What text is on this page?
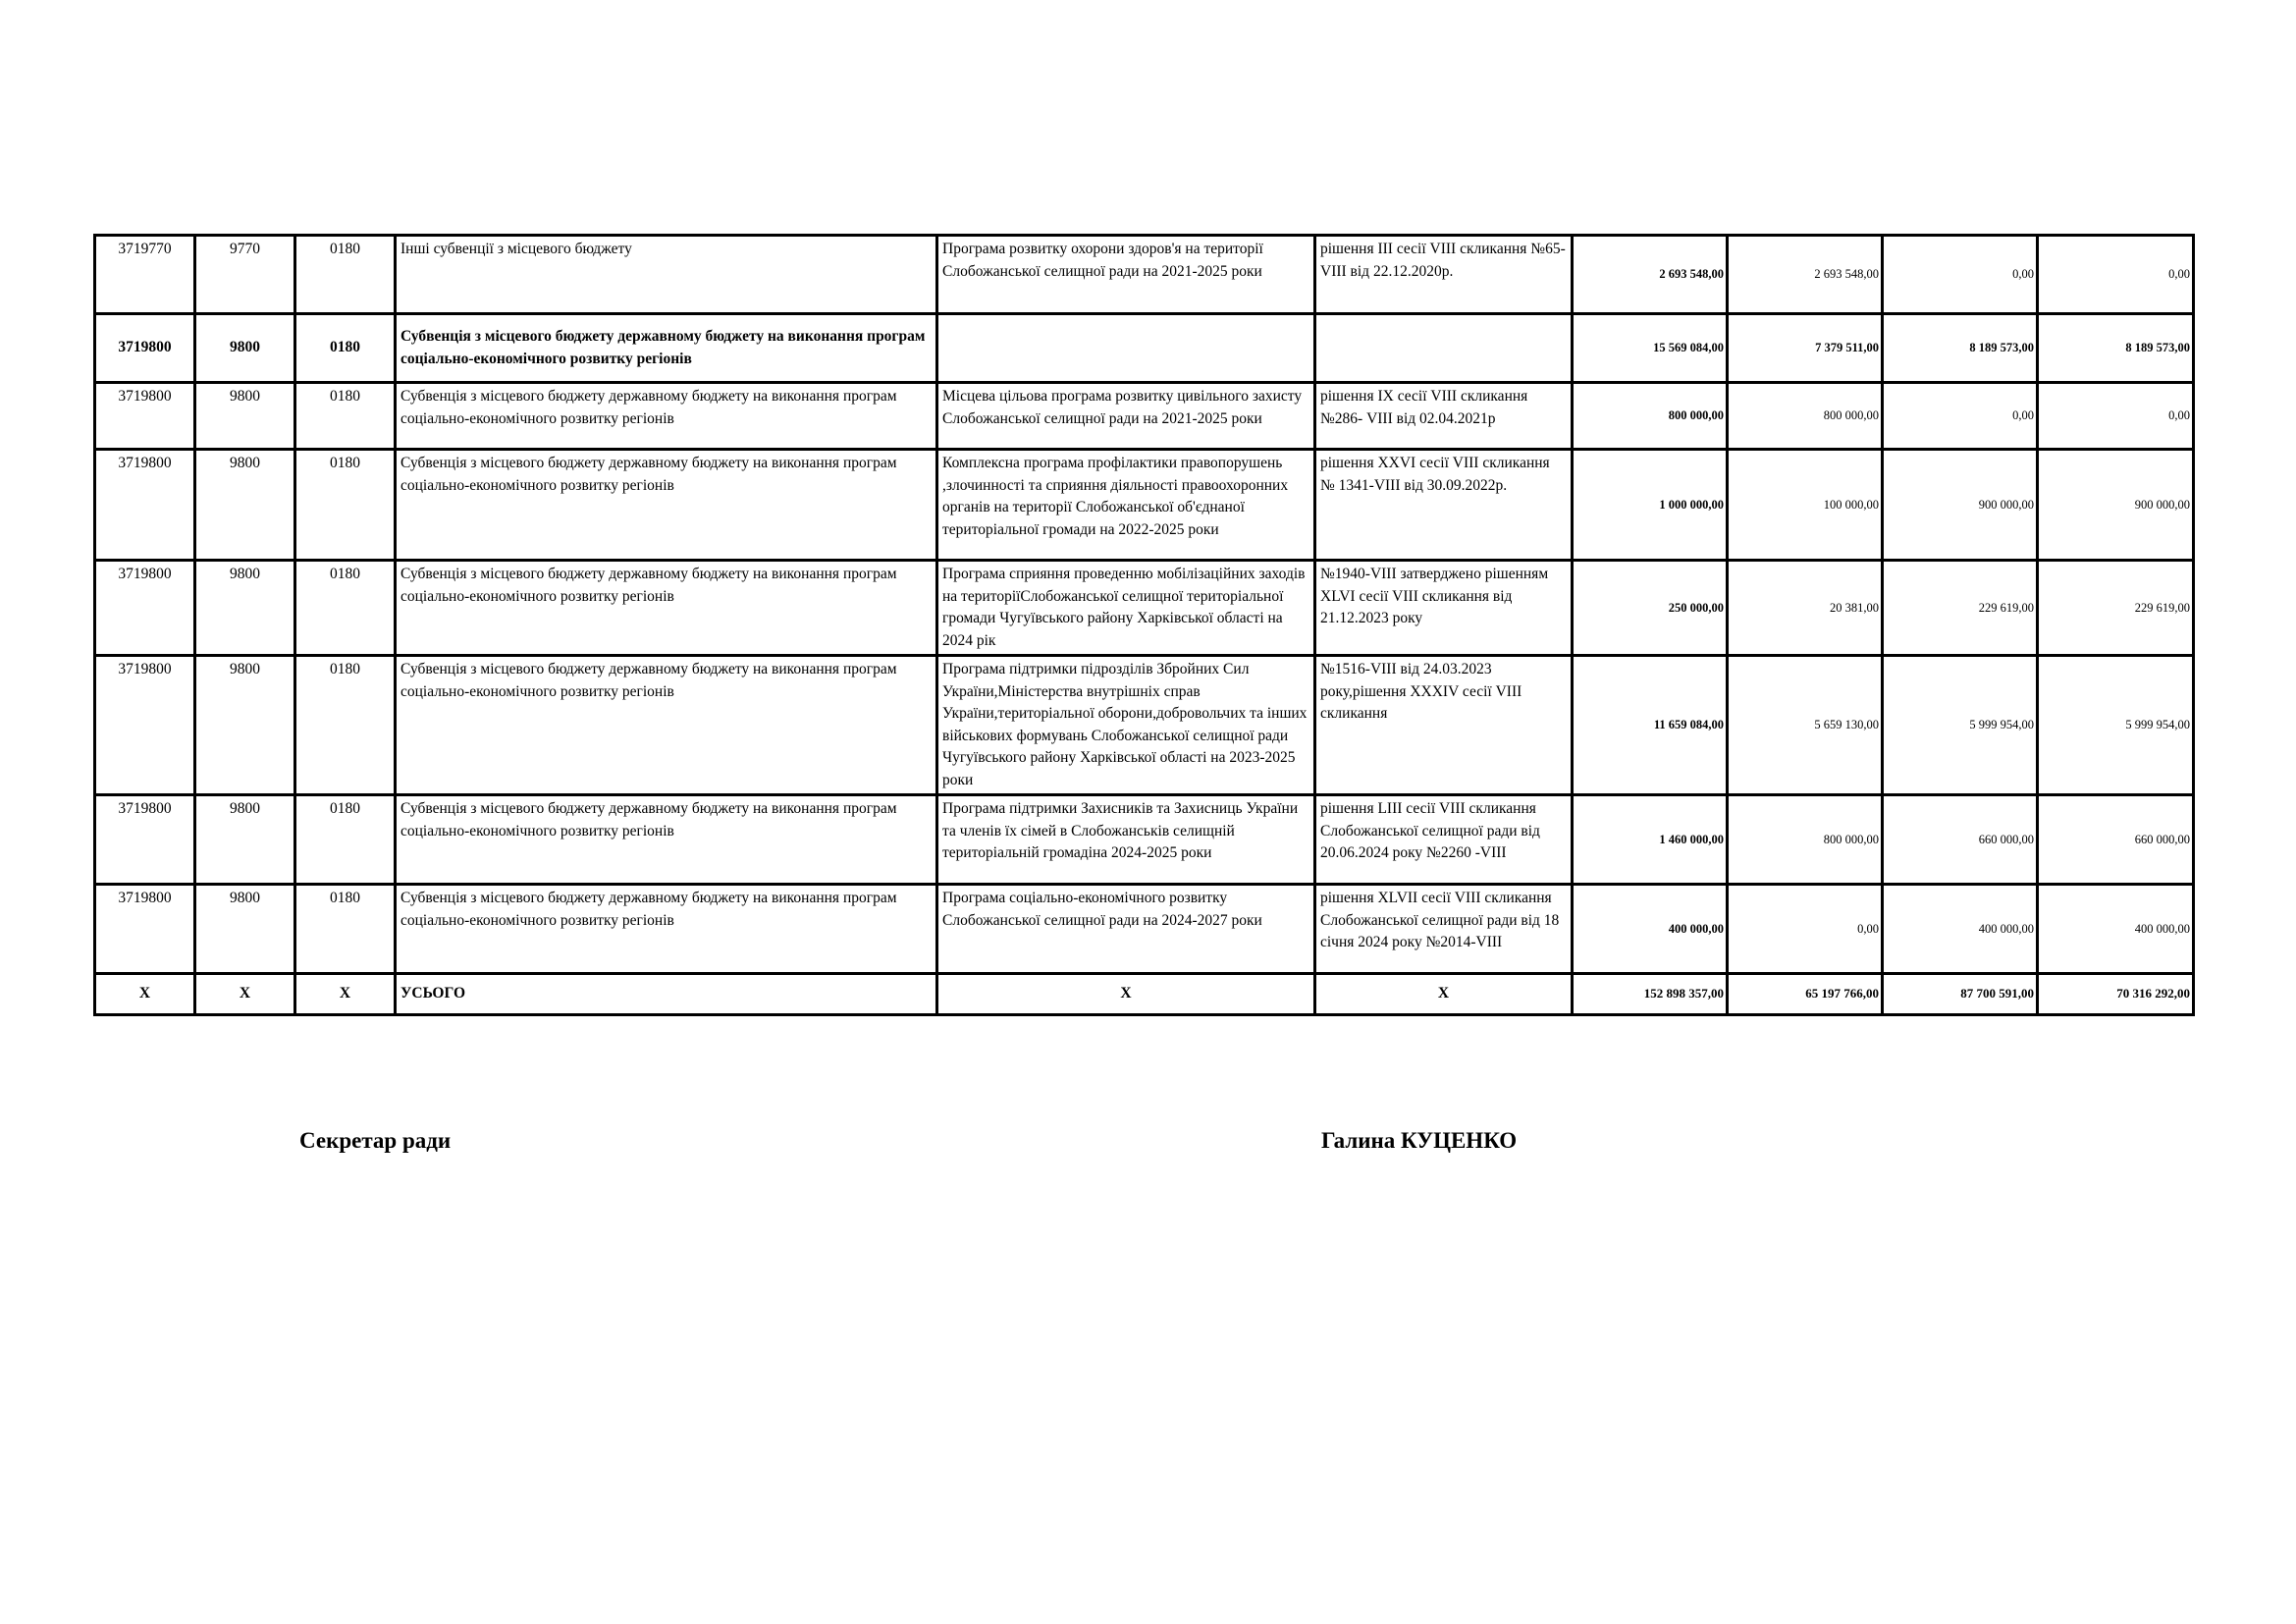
3719770	9770	0180	Інші субвенції з місцевого бюджету	Програма розвитку охорони здоров'я на території Слобожанської селищної ради на 2021-2025 роки	рішення ІІІ сесії VIII скликання №65- VIII від 22.12.2020р.	2 693 548,00	2 693 548,00	0,00	0,00
3719800	9800	0180	Субвенція з місцевого бюджету державному бюджету на виконання програм соціально-економічного розвитку регіонів			15 569 084,00	7 379 511,00	8 189 573,00	8 189 573,00
3719800	9800	0180	Субвенція з місцевого бюджету державному бюджету на виконання програм соціально-економічного розвитку регіонів	Місцева цільова програма розвитку цивільного захисту Слобожанської селищної ради на 2021-2025 роки	рішення IX сесії VIII скликання №286- VIII від 02.04.2021р	800 000,00	800 000,00	0,00	0,00
3719800	9800	0180	Субвенція з місцевого бюджету державному бюджету на виконання програм соціально-економічного розвитку регіонів	Комплексна програма профілактики правопорушень ,злочинності та сприяння діяльності правоохоронних органів на території Слобожанської об'єднаної територіальної громади на 2022-2025 роки	рішення XXVІ сесії VIII скликання № 1341-VIII від 30.09.2022р.	1 000 000,00	100 000,00	900 000,00	900 000,00
3719800	9800	0180	Субвенція з місцевого бюджету державному бюджету на виконання програм соціально-економічного розвитку регіонів	Програма сприяння проведенню мобілізаційних заходів на територіїСлобожанської селищної територіальної громади Чугуївського району Харківської області на 2024 рік	№1940-VIII затверджено рішенням XLVI сесії VIII скликання від 21.12.2023 року	250 000,00	20 381,00	229 619,00	229 619,00
3719800	9800	0180	Субвенція з місцевого бюджету державному бюджету на виконання програм соціально-економічного розвитку регіонів	Програма підтримки підрозділів Збройних Сил України,Міністерства внутрішніх справ України,територіальної оборони,добровольчих та інших військових формувань Слобожанської селищної ради Чугуївського району Харківської області на 2023-2025 роки	№1516-VIII від 24.03.2023 року,рішення XXXIV сесії VIII скликання	11 659 084,00	5 659 130,00	5 999 954,00	5 999 954,00
3719800	9800	0180	Субвенція з місцевого бюджету державному бюджету на виконання програм соціально-економічного розвитку регіонів	Програма підтримки Захисників та Захисниць України та членів їх сімей в Слобожанськів селищній територіальній громадіна 2024-2025 роки	рішення LIII сесії VIII скликання Слобожанської селищної ради від 20.06.2024 року №2260 -VIII	1 460 000,00	800 000,00	660 000,00	660 000,00
3719800	9800	0180	Субвенція з місцевого бюджету державному бюджету на виконання програм соціально-економічного розвитку регіонів	Програма соціально-економічного розвитку Слобожанської селищної ради на 2024-2027 роки	рішення XLVII сесії VIII скликання Слобожанської селищної ради від 18 січня 2024 року №2014-VIII	400 000,00	0,00	400 000,00	400 000,00
Х	Х	Х	УСЬОГО	Х	Х	152 898 357,00	65 197 766,00	87 700 591,00	70 316 292,00
Секретар ради	Галина КУЦЕНКО
